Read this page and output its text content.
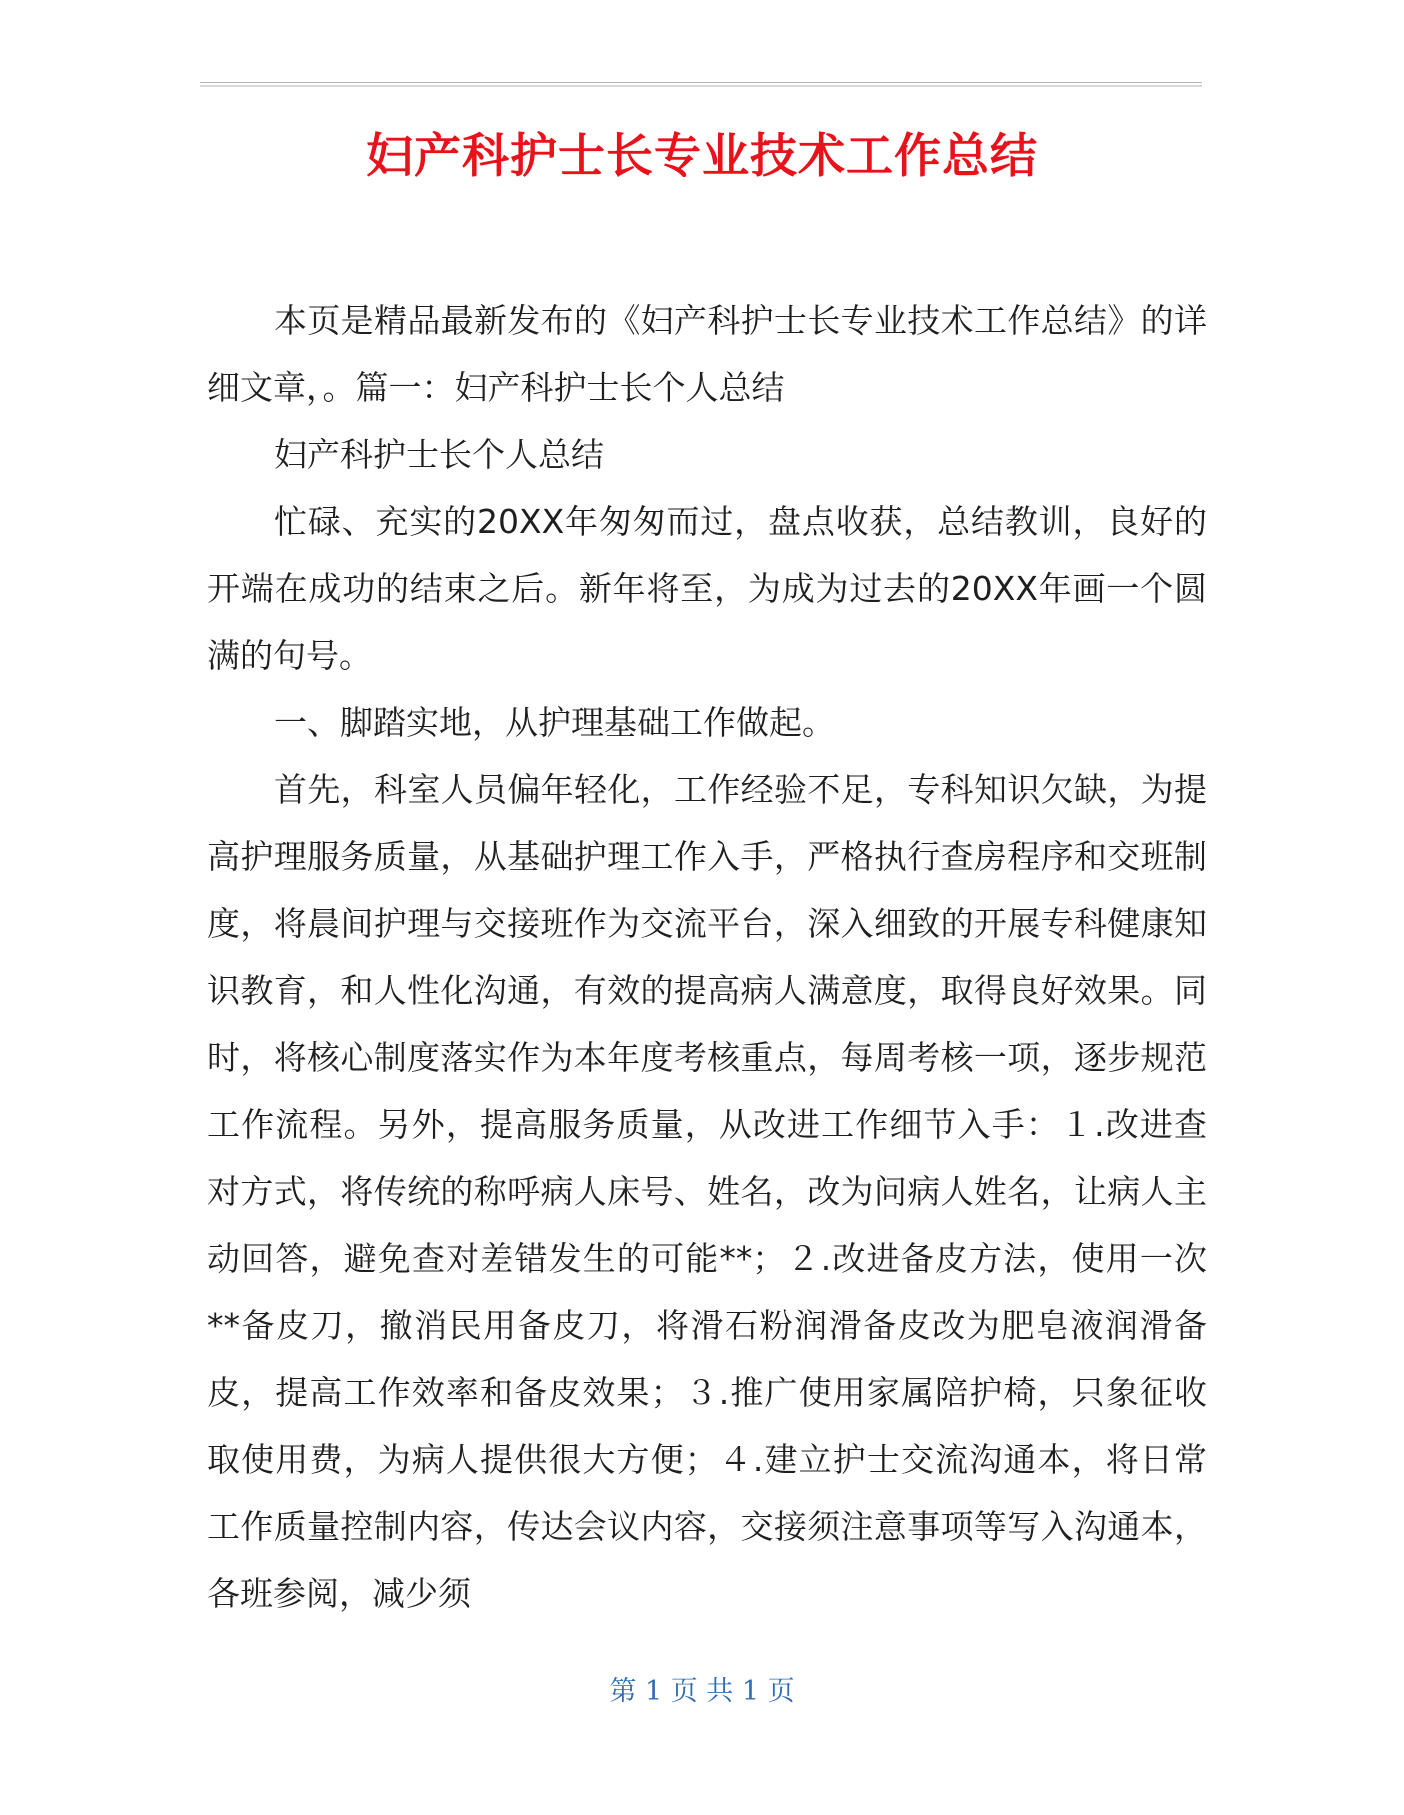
妇产科护士长专业技术工作总结

本页是精品最新发布的《妇产科护士长专业技术工作总结》的详细文章，。篇一：妇产科护士长个人总结

妇产科护士长个人总结

忙碌、充实的20XX年匆匆而过，盘点收获，总结教训，良好的开端在成功的结束之后。新年将至，为成为过去的20XX年画一个圆满的句号。

一、脚踏实地，从护理基础工作做起。

首先，科室人员偏年轻化，工作经验不足，专科知识欠缺，为提高护理服务质量，从基础护理工作入手，严格执行查房程序和交班制度，将晨间护理与交接班作为交流平台，深入细致的开展专科健康知识教育，和人性化沟通，有效的提高病人满意度，取得良好效果。同时，将核心制度落实作为本年度考核重点，每周考核一项，逐步规范工作流程。另外，提高服务质量，从改进工作细节入手：１.改进查对方式，将传统的称呼病人床号、姓名，改为问病人姓名，让病人主动回答，避免查对差错发生的可能**；２.改进备皮方法，使用一次**备皮刀，撤消民用备皮刀，将滑石粉润滑备皮改为肥皂液润滑备皮，提高工作效率和备皮效果；３.推广使用家属陪护椅，只象征收取使用费，为病人提供很大方便；４.建立护士交流沟通本，将日常工作质量控制内容，传达会议内容，交接须注意事项等写入沟通本，各班参阅，减少须

第 1 页 共 1 页
